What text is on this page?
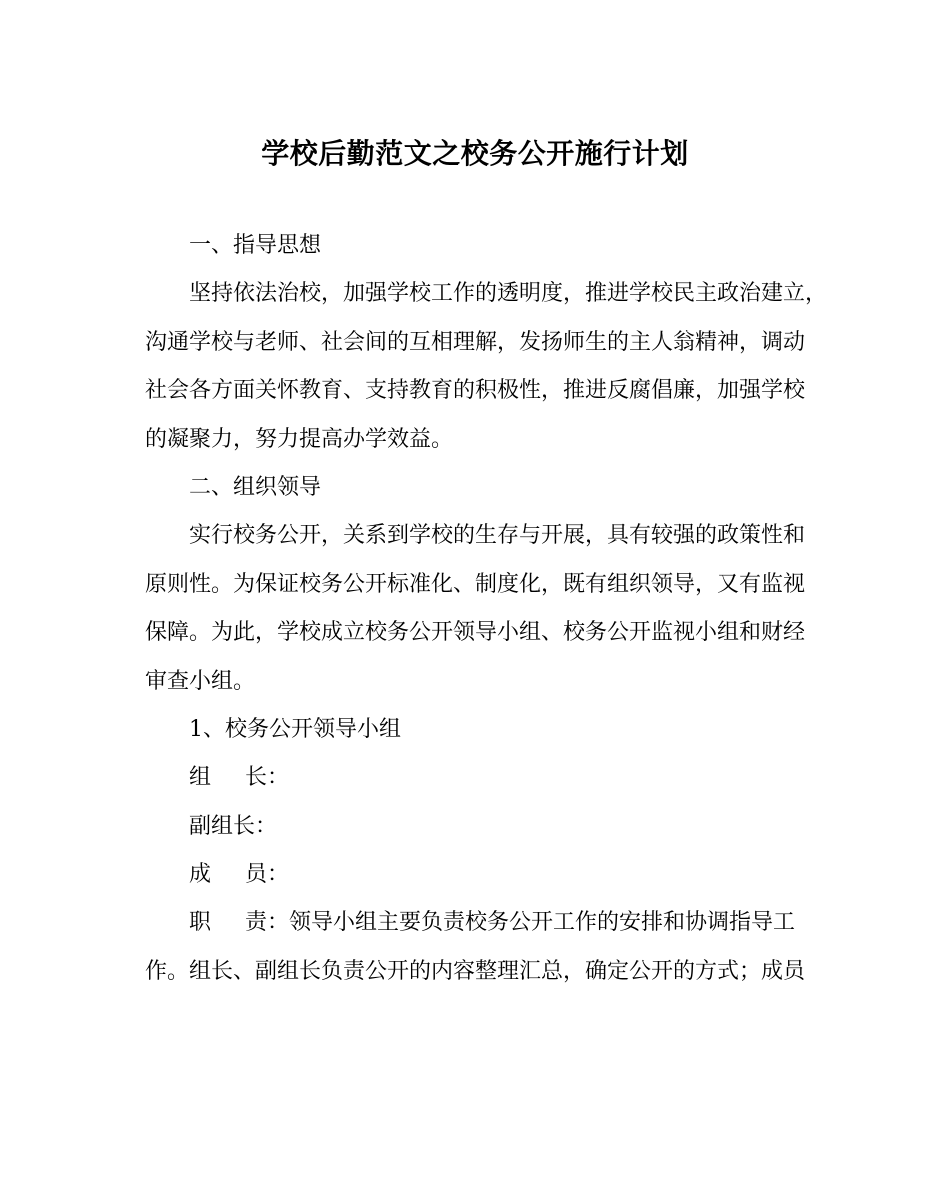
学校后勤范文之校务公开施行计划
一、指导思想
坚持依法治校，加强学校工作的透明度，推进学校民主政治建立，
沟通学校与老师、社会间的互相理解，发扬师生的主人翁精神，调动
社会各方面关怀教育、支持教育的积极性，推进反腐倡廉，加强学校
的凝聚力，努力提高办学效益。
二、组织领导
实行校务公开，关系到学校的生存与开展，具有较强的政策性和
原则性。为保证校务公开标准化、制度化，既有组织领导，又有监视
保障。为此，学校成立校务公开领导小组、校务公开监视小组和财经
审查小组。
1、校务公开领导小组
组 长：
副组长：
成 员：
职 责：领导小组主要负责校务公开工作的安排和协调指导工
作。组长、副组长负责公开的内容整理汇总，确定公开的方式；成员
